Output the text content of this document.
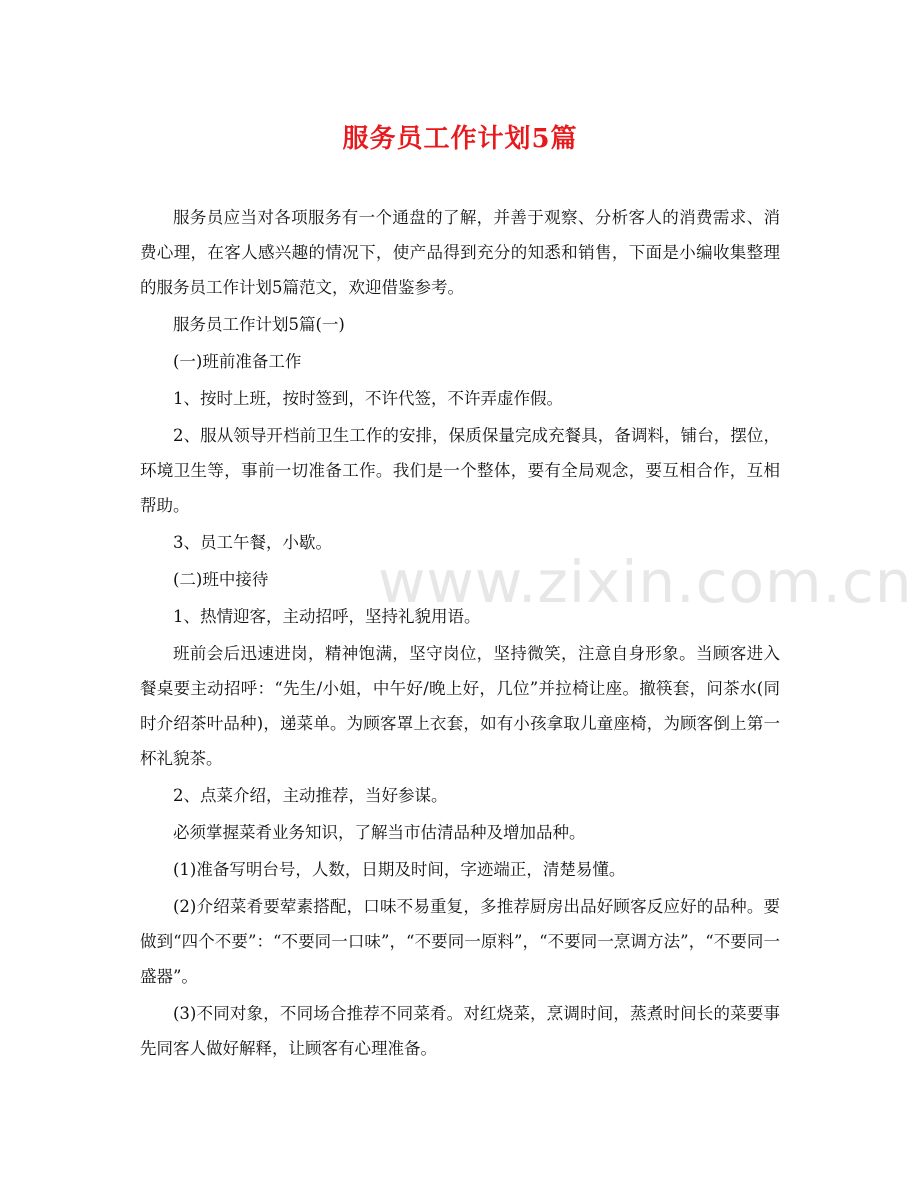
服务员工作计划5篇

服务员应当对各项服务有一个通盘的了解，并善于观察、分析客人的消费需求、消费心理，在客人感兴趣的情况下，使产品得到充分的知悉和销售，下面是小编收集整理的服务员工作计划5篇范文，欢迎借鉴参考。

服务员工作计划5篇(一)

(一)班前准备工作

1、按时上班，按时签到，不许代签，不许弄虚作假。

2、服从领导开档前卫生工作的安排，保质保量完成充餐具，备调料，铺台，摆位，环境卫生等，事前一切准备工作。我们是一个整体，要有全局观念，要互相合作，互相帮助。

3、员工午餐，小歇。

(二)班中接待

1、热情迎客，主动招呼，坚持礼貌用语。

班前会后迅速进岗，精神饱满，坚守岗位，坚持微笑，注意自身形象。当顾客进入餐桌要主动招呼：“先生/小姐，中午好/晚上好，几位”并拉椅让座。撤筷套，问茶水(同时介绍茶叶品种)，递菜单。为顾客罩上衣套，如有小孩拿取儿童座椅，为顾客倒上第一杯礼貌茶。

2、点菜介绍，主动推荐，当好参谋。

必须掌握菜肴业务知识，了解当市估清品种及增加品种。

(1)准备写明台号，人数，日期及时间，字迹端正，清楚易懂。

(2)介绍菜肴要荤素搭配，口味不易重复，多推荐厨房出品好顾客反应好的品种。要做到“四个不要”：“不要同一口味”，“不要同一原料”，“不要同一烹调方法”，“不要同一盛器”。

(3)不同对象，不同场合推荐不同菜肴。对红烧菜，烹调时间，蒸煮时间长的菜要事先同客人做好解释，让顾客有心理准备。

www.zixin.com.cn
